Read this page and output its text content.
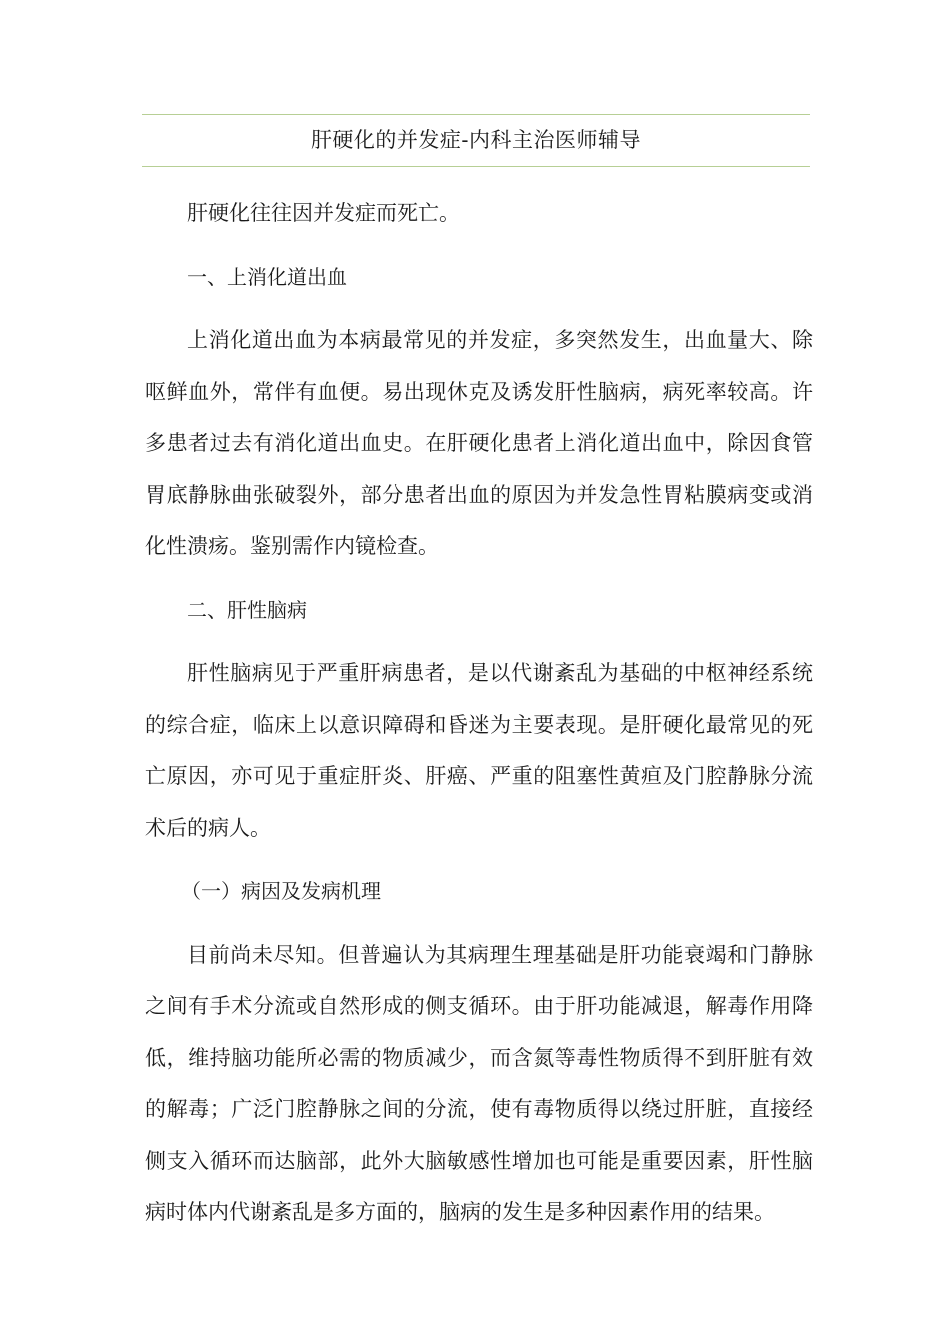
肝硬化的并发症-内科主治医师辅导

肝硬化往往因并发症而死亡。

一、上消化道出血

上消化道出血为本病最常见的并发症，多突然发生，出血量大、除呕鲜血外，常伴有血便。易出现休克及诱发肝性脑病，病死率较高。许多患者过去有消化道出血史。在肝硬化患者上消化道出血中，除因食管胃底静脉曲张破裂外，部分患者出血的原因为并发急性胃粘膜病变或消化性溃疡。鉴别需作内镜检查。

二、肝性脑病

肝性脑病见于严重肝病患者，是以代谢紊乱为基础的中枢神经系统的综合症，临床上以意识障碍和昏迷为主要表现。是肝硬化最常见的死亡原因，亦可见于重症肝炎、肝癌、严重的阻塞性黄疸及门腔静脉分流术后的病人。

（一）病因及发病机理

目前尚未尽知。但普遍认为其病理生理基础是肝功能衰竭和门静脉之间有手术分流或自然形成的侧支循环。由于肝功能减退，解毒作用降低，维持脑功能所必需的物质减少，而含氮等毒性物质得不到肝脏有效的解毒；广泛门腔静脉之间的分流，使有毒物质得以绕过肝脏，直接经侧支入循环而达脑部，此外大脑敏感性增加也可能是重要因素，肝性脑病时体内代谢紊乱是多方面的，脑病的发生是多种因素作用的结果。
